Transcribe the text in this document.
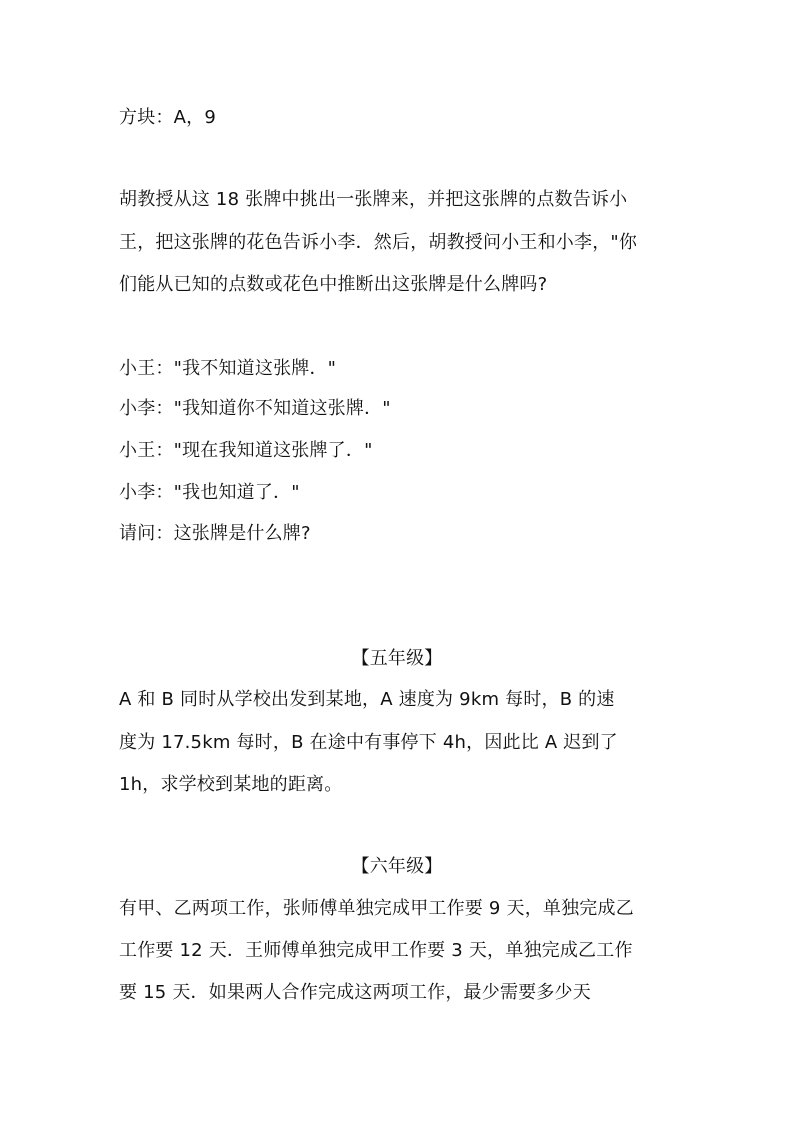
方块：A，9
胡教授从这 18 张牌中挑出一张牌来，并把这张牌的点数告诉小
王，把这张牌的花色告诉小李．然后，胡教授问小王和小李，"你
们能从已知的点数或花色中推断出这张牌是什么牌吗?
小王："我不知道这张牌．"
小李："我知道你不知道这张牌．"
小王："现在我知道这张牌了．"
小李："我也知道了．"
请问：这张牌是什么牌?
【五年级】
A 和 B 同时从学校出发到某地，A 速度为 9km 每时，B 的速
度为 17.5km 每时，B 在途中有事停下 4h，因此比 A 迟到了
1h，求学校到某地的距离。
【六年级】
有甲、乙两项工作，张师傅单独完成甲工作要 9 天，单独完成乙
工作要 12 天．王师傅单独完成甲工作要 3 天，单独完成乙工作
要 15 天．如果两人合作完成这两项工作，最少需要多少天
